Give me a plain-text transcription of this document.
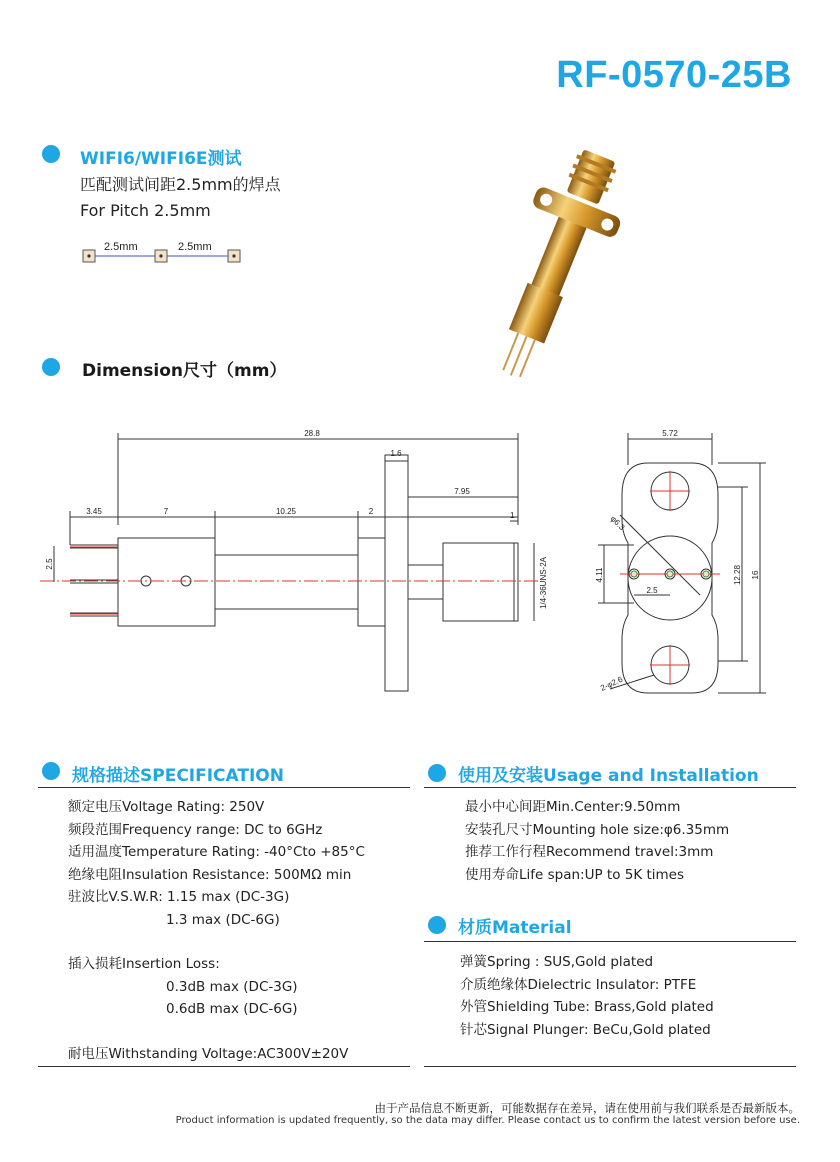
RF-0570-25B
WIFI6/WIFI6E测试
匹配测试间距2.5mm的焊点
For Pitch 2.5mm
2.5mm	2.5mm
Dimension尺寸（mm）
28.8
1.6
7.95
3.45	7	10.25	2	1
2.5	1/4-36UNS-2A
5.72
φ6.3
4.11
2.5
12.28 16
2-φ2.6
规格描述SPECIFICATION
额定电压Voltage Rating: 250V
频段范围Frequency range: DC to 6GHz
适用温度Temperature Rating: -40°Cto +85°C
绝缘电阻Insulation Resistance: 500MΩ min
驻波比V.S.W.R: 1.15 max (DC-3G)
1.3 max (DC-6G)
插入损耗Insertion Loss:
0.3dB max (DC-3G)
0.6dB max (DC-6G)
耐电压Withstanding Voltage:AC300V±20V
使用及安装Usage and Installation
最小中心间距Min.Center:9.50mm
安装孔尺寸Mounting hole size:φ6.35mm
推荐工作行程Recommend travel:3mm
使用寿命Life span:UP to 5K times
材质Material
弹簧Spring : SUS,Gold plated
介质绝缘体Dielectric Insulator: PTFE
外管Shielding Tube: Brass,Gold plated
针芯Signal Plunger: BeCu,Gold plated
由于产品信息不断更新，可能数据存在差异，请在使用前与我们联系是否最新版本。
Product information is updated frequently, so the data may differ. Please contact us to confirm the latest version before use.
